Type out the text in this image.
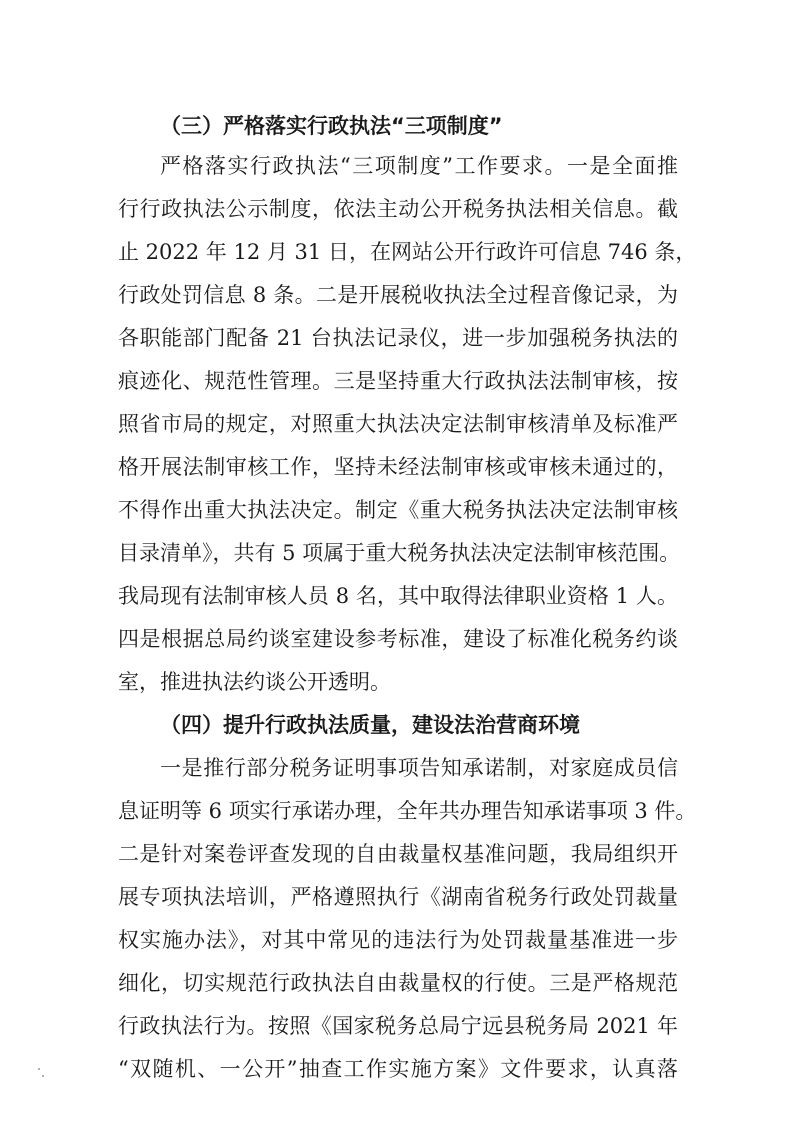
（三）严格落实行政执法“三项制度”
严格落实行政执法“三项制度”工作要求。一是全面推
行行政执法公示制度，依法主动公开税务执法相关信息。截
止 2022 年 12 月 31 日，在网站公开行政许可信息 746 条，
行政处罚信息 8 条。二是开展税收执法全过程音像记录，为
各职能部门配备 21 台执法记录仪，进一步加强税务执法的
痕迹化、规范性管理。三是坚持重大行政执法法制审核，按
照省市局的规定，对照重大执法决定法制审核清单及标准严
格开展法制审核工作，坚持未经法制审核或审核未通过的，
不得作出重大执法决定。制定《重大税务执法决定法制审核
目录清单》，共有 5 项属于重大税务执法决定法制审核范围。
我局现有法制审核人员 8 名，其中取得法律职业资格 1 人。
四是根据总局约谈室建设参考标准，建设了标准化税务约谈
室，推进执法约谈公开透明。
（四）提升行政执法质量，建设法治营商环境
一是推行部分税务证明事项告知承诺制，对家庭成员信
息证明等 6 项实行承诺办理，全年共办理告知承诺事项 3 件。
二是针对案卷评查发现的自由裁量权基准问题，我局组织开
展专项执法培训，严格遵照执行《湖南省税务行政处罚裁量
权实施办法》，对其中常见的违法行为处罚裁量基准进一步
细化，切实规范行政执法自由裁量权的行使。三是严格规范
行政执法行为。按照《国家税务总局宁远县税务局 2021 年
“双随机、一公开”抽查工作实施方案》文件要求，认真落
